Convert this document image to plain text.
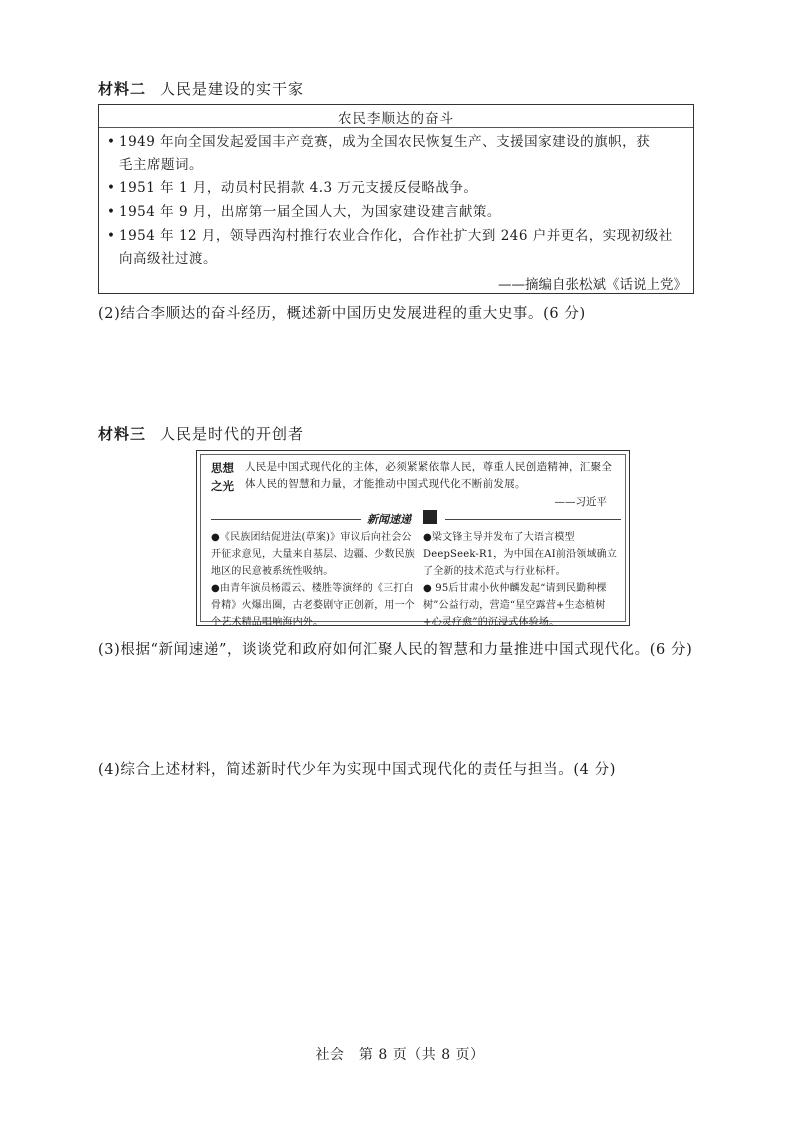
材料二 人民是建设的实干家
农民李顺达的奋斗
• 1949 年向全国发起爱国丰产竞赛，成为全国农民恢复生产、支援国家建设的旗帜，获
毛主席题词。
• 1951 年 1 月，动员村民捐款 4.3 万元支援反侵略战争。
• 1954 年 9 月，出席第一届全国人大，为国家建设建言献策。
• 1954 年 12 月，领导西沟村推行农业合作化，合作社扩大到 246 户并更名，实现初级社
向高级社过渡。
——摘编自张松斌《话说上党》
(2)结合李顺达的奋斗经历，概述新中国历史发展进程的重大史事。(6 分)
材料三 人民是时代的开创者
思想之光
人民是中国式现代化的主体，必须紧紧依靠人民，尊重人民创造精神，汇聚全体人民的智慧和力量，才能推动中国式现代化不断前发展。
——习近平
新闻速递
●《民族团结促进法(草案)》审议后向社会公开征求意见，大量来自基层、边疆、少数民族地区的民意被系统性吸纳。
●由青年演员杨霞云、楼胜等演绎的《三打白骨精》火爆出圈，古老婺剧守正创新，用一个个艺术精品唱响海内外。
●梁文锋主导并发布了大语言模型DeepSeek-R1，为中国在AI前沿领域确立了全新的技术范式与行业标杆。
● 95后甘肃小伙仲麟发起“请到民勤种棵树”公益行动，营造“星空露营+生态植树+心灵疗愈”的沉浸式体验场。
(3)根据“新闻速递”，谈谈党和政府如何汇聚人民的智慧和力量推进中国式现代化。(6 分)
(4)综合上述材料，简述新时代少年为实现中国式现代化的责任与担当。(4 分)
社会　第 8 页（共 8 页）
